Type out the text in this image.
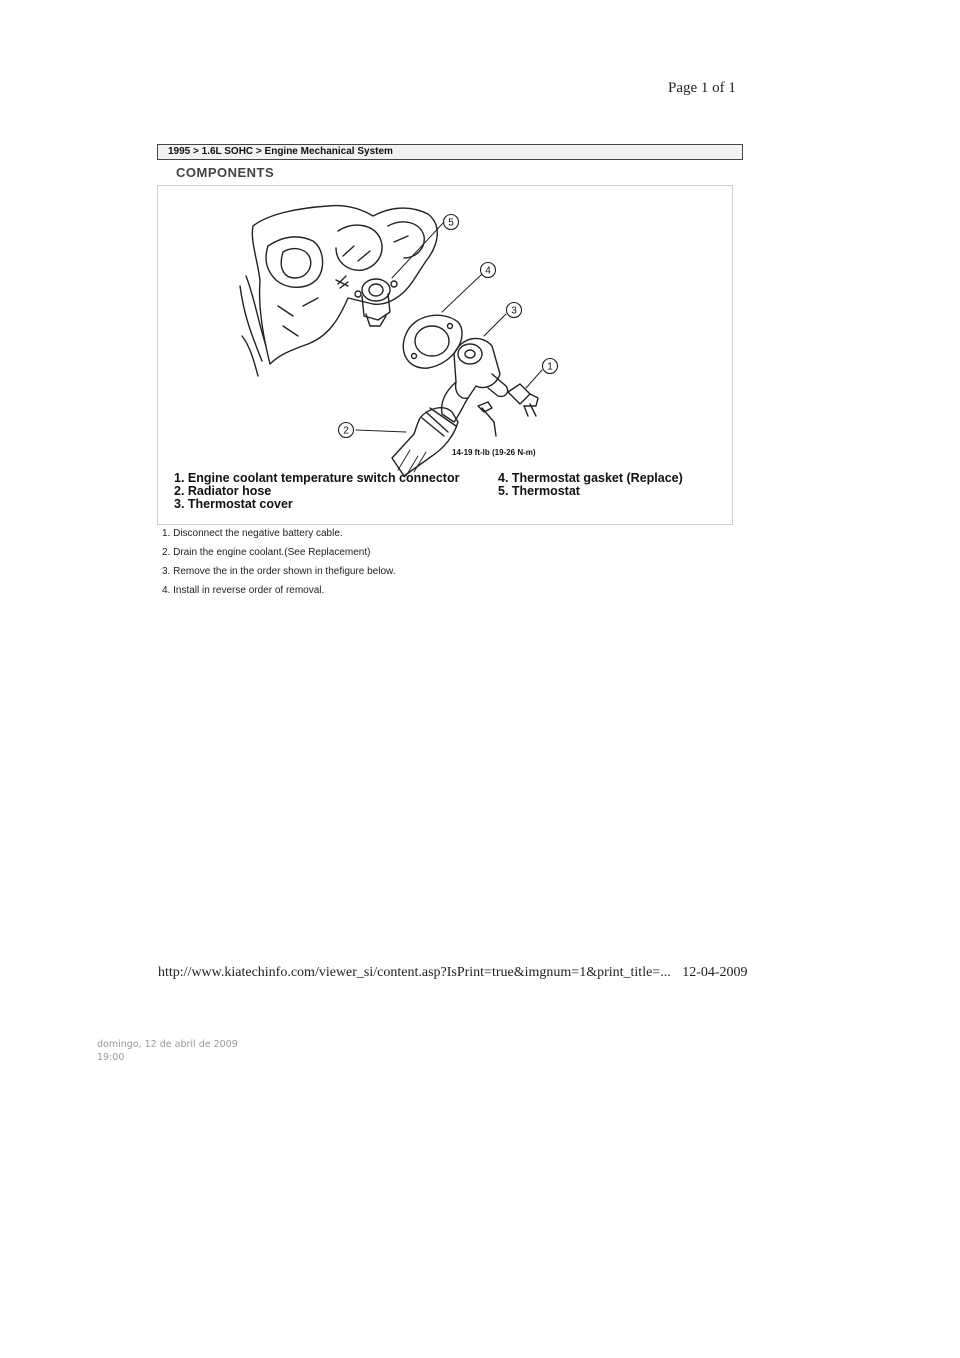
Page 1 of 1
1995 > 1.6L SOHC > Engine Mechanical System
COMPONENTS
5
4
3
1
2
14-19 ft-lb (19-26 N-m)
1. Engine coolant temperature switch connector
2. Radiator hose
3. Thermostat cover
4. Thermostat gasket (Replace)
5. Thermostat
1. Disconnect the negative battery cable.
2. Drain the engine coolant.(See Replacement)
3. Remove the in the order shown in thefigure below.
4. Install in reverse order of removal.
http://www.kiatechinfo.com/viewer_si/content.asp?IsPrint=true&imgnum=1&print_title=... 12-04-2009
domingo, 12 de abril de 2009
19:00
